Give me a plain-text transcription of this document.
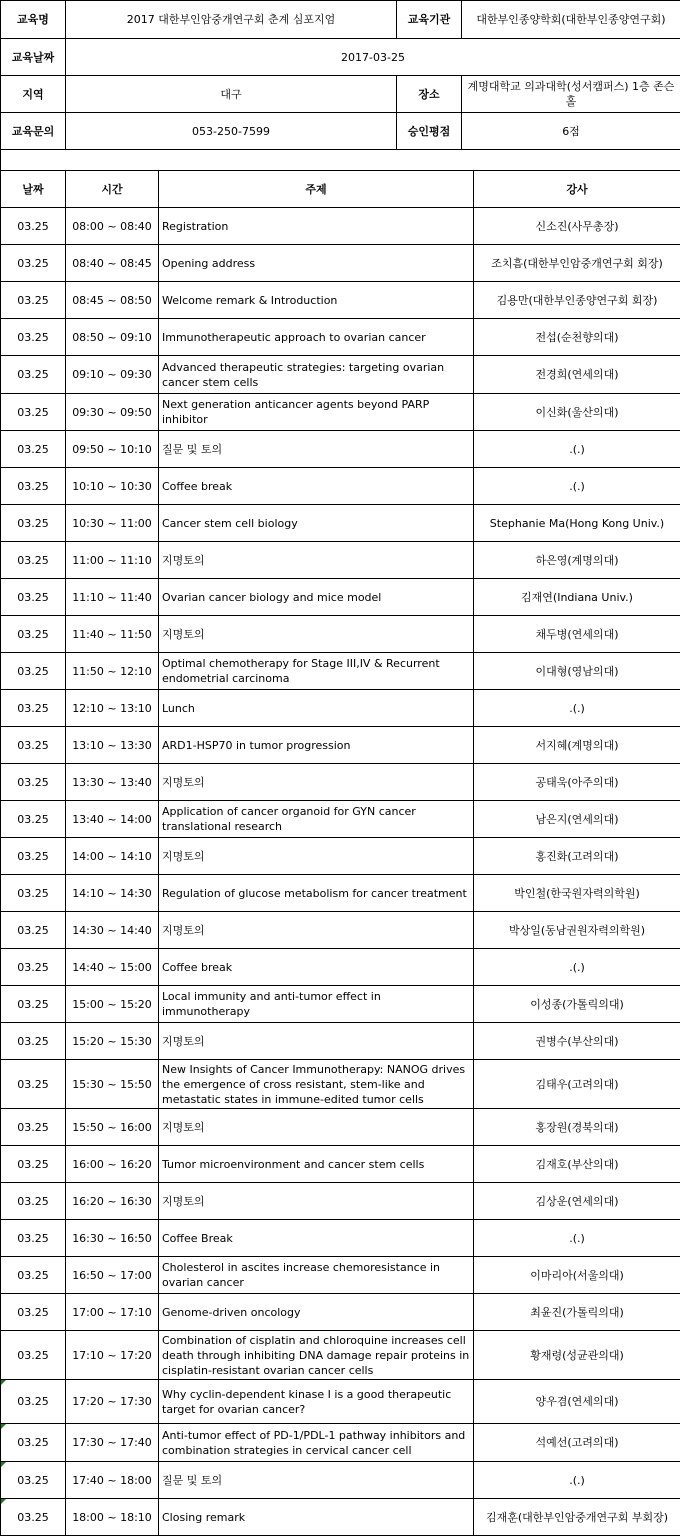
교육명	2017 대한부인암중개연구회 춘계 심포지엄	교육기관	대한부인종양학회(대한부인종양연구회)
교육날짜	2017-03-25		
지역	대구	장소	계명대학교 의과대학(성서캠퍼스) 1층 존슨홀
교육문의	053-250-7599	승인평점	6점

날짜	시간	주제	강사
03.25	08:00 ~ 08:40	Registration	신소진(사무총장)
03.25	08:40 ~ 08:45	Opening address	조치흠(대한부인암중개연구회 회장)
03.25	08:45 ~ 08:50	Welcome remark & Introduction	김용만(대한부인종양연구회 회장)
03.25	08:50 ~ 09:10	Immunotherapeutic approach to ovarian cancer	전섭(순천향의대)
03.25	09:10 ~ 09:30	Advanced therapeutic strategies: targeting ovarian cancer stem cells	전경희(연세의대)
03.25	09:30 ~ 09:50	Next generation anticancer agents beyond PARP inhibitor	이신화(울산의대)
03.25	09:50 ~ 10:10	질문 및 토의	.(.)
03.25	10:10 ~ 10:30	Coffee break	.(.)
03.25	10:30 ~ 11:00	Cancer stem cell biology	Stephanie Ma(Hong Kong Univ.)
03.25	11:00 ~ 11:10	지명토의	하은영(계명의대)
03.25	11:10 ~ 11:40	Ovarian cancer biology and mice model	김재연(Indiana Univ.)
03.25	11:40 ~ 11:50	지명토의	채두병(연세의대)
03.25	11:50 ~ 12:10	Optimal chemotherapy for Stage III,IV & Recurrent endometrial carcinoma	이대형(영남의대)
03.25	12:10 ~ 13:10	Lunch	.(.)
03.25	13:10 ~ 13:30	ARD1-HSP70 in tumor progression	서지혜(계명의대)
03.25	13:30 ~ 13:40	지명토의	공태욱(아주의대)
03.25	13:40 ~ 14:00	Application of cancer organoid for GYN cancer translational research	남은지(연세의대)
03.25	14:00 ~ 14:10	지명토의	홍진화(고려의대)
03.25	14:10 ~ 14:30	Regulation of glucose metabolism for cancer treatment	박인철(한국원자력의학원)
03.25	14:30 ~ 14:40	지명토의	박상일(동남권원자력의학원)
03.25	14:40 ~ 15:00	Coffee break	.(.)
03.25	15:00 ~ 15:20	Local immunity and anti-tumor effect in immunotherapy	이성종(가톨릭의대)
03.25	15:20 ~ 15:30	지명토의	권병수(부산의대)
03.25	15:30 ~ 15:50	New Insights of Cancer Immunotherapy: NANOG drives the emergence of cross resistant, stem-like and metastatic states in immune-edited tumor cells	김태우(고려의대)
03.25	15:50 ~ 16:00	지명토의	홍장원(경북의대)
03.25	16:00 ~ 16:20	Tumor microenvironment and cancer stem cells	김재호(부산의대)
03.25	16:20 ~ 16:30	지명토의	김상운(연세의대)
03.25	16:30 ~ 16:50	Coffee Break	.(.)
03.25	16:50 ~ 17:00	Cholesterol in ascites increase chemoresistance in ovarian cancer	이마리아(서울의대)
03.25	17:00 ~ 17:10	Genome-driven oncology	최윤진(가톨릭의대)
03.25	17:10 ~ 17:20	Combination of cisplatin and chloroquine increases cell death through inhibiting DNA damage repair proteins in cisplatin-resistant ovarian cancer cells	황재령(성균관의대)

03.25	17:20 ~ 17:30	Why cyclin-dependent kinase I is a good therapeutic target for ovarian cancer?	양우겸(연세의대)

03.25	17:30 ~ 17:40	Anti-tumor effect of PD-1/PDL-1 pathway inhibitors and combination strategies in cervical cancer cell	석예선(고려의대)

03.25	17:40 ~ 18:00	질문 및 토의	.(.)

03.25	18:00 ~ 18:10	Closing remark	김재훈(대한부인암중개연구회 부회장)
